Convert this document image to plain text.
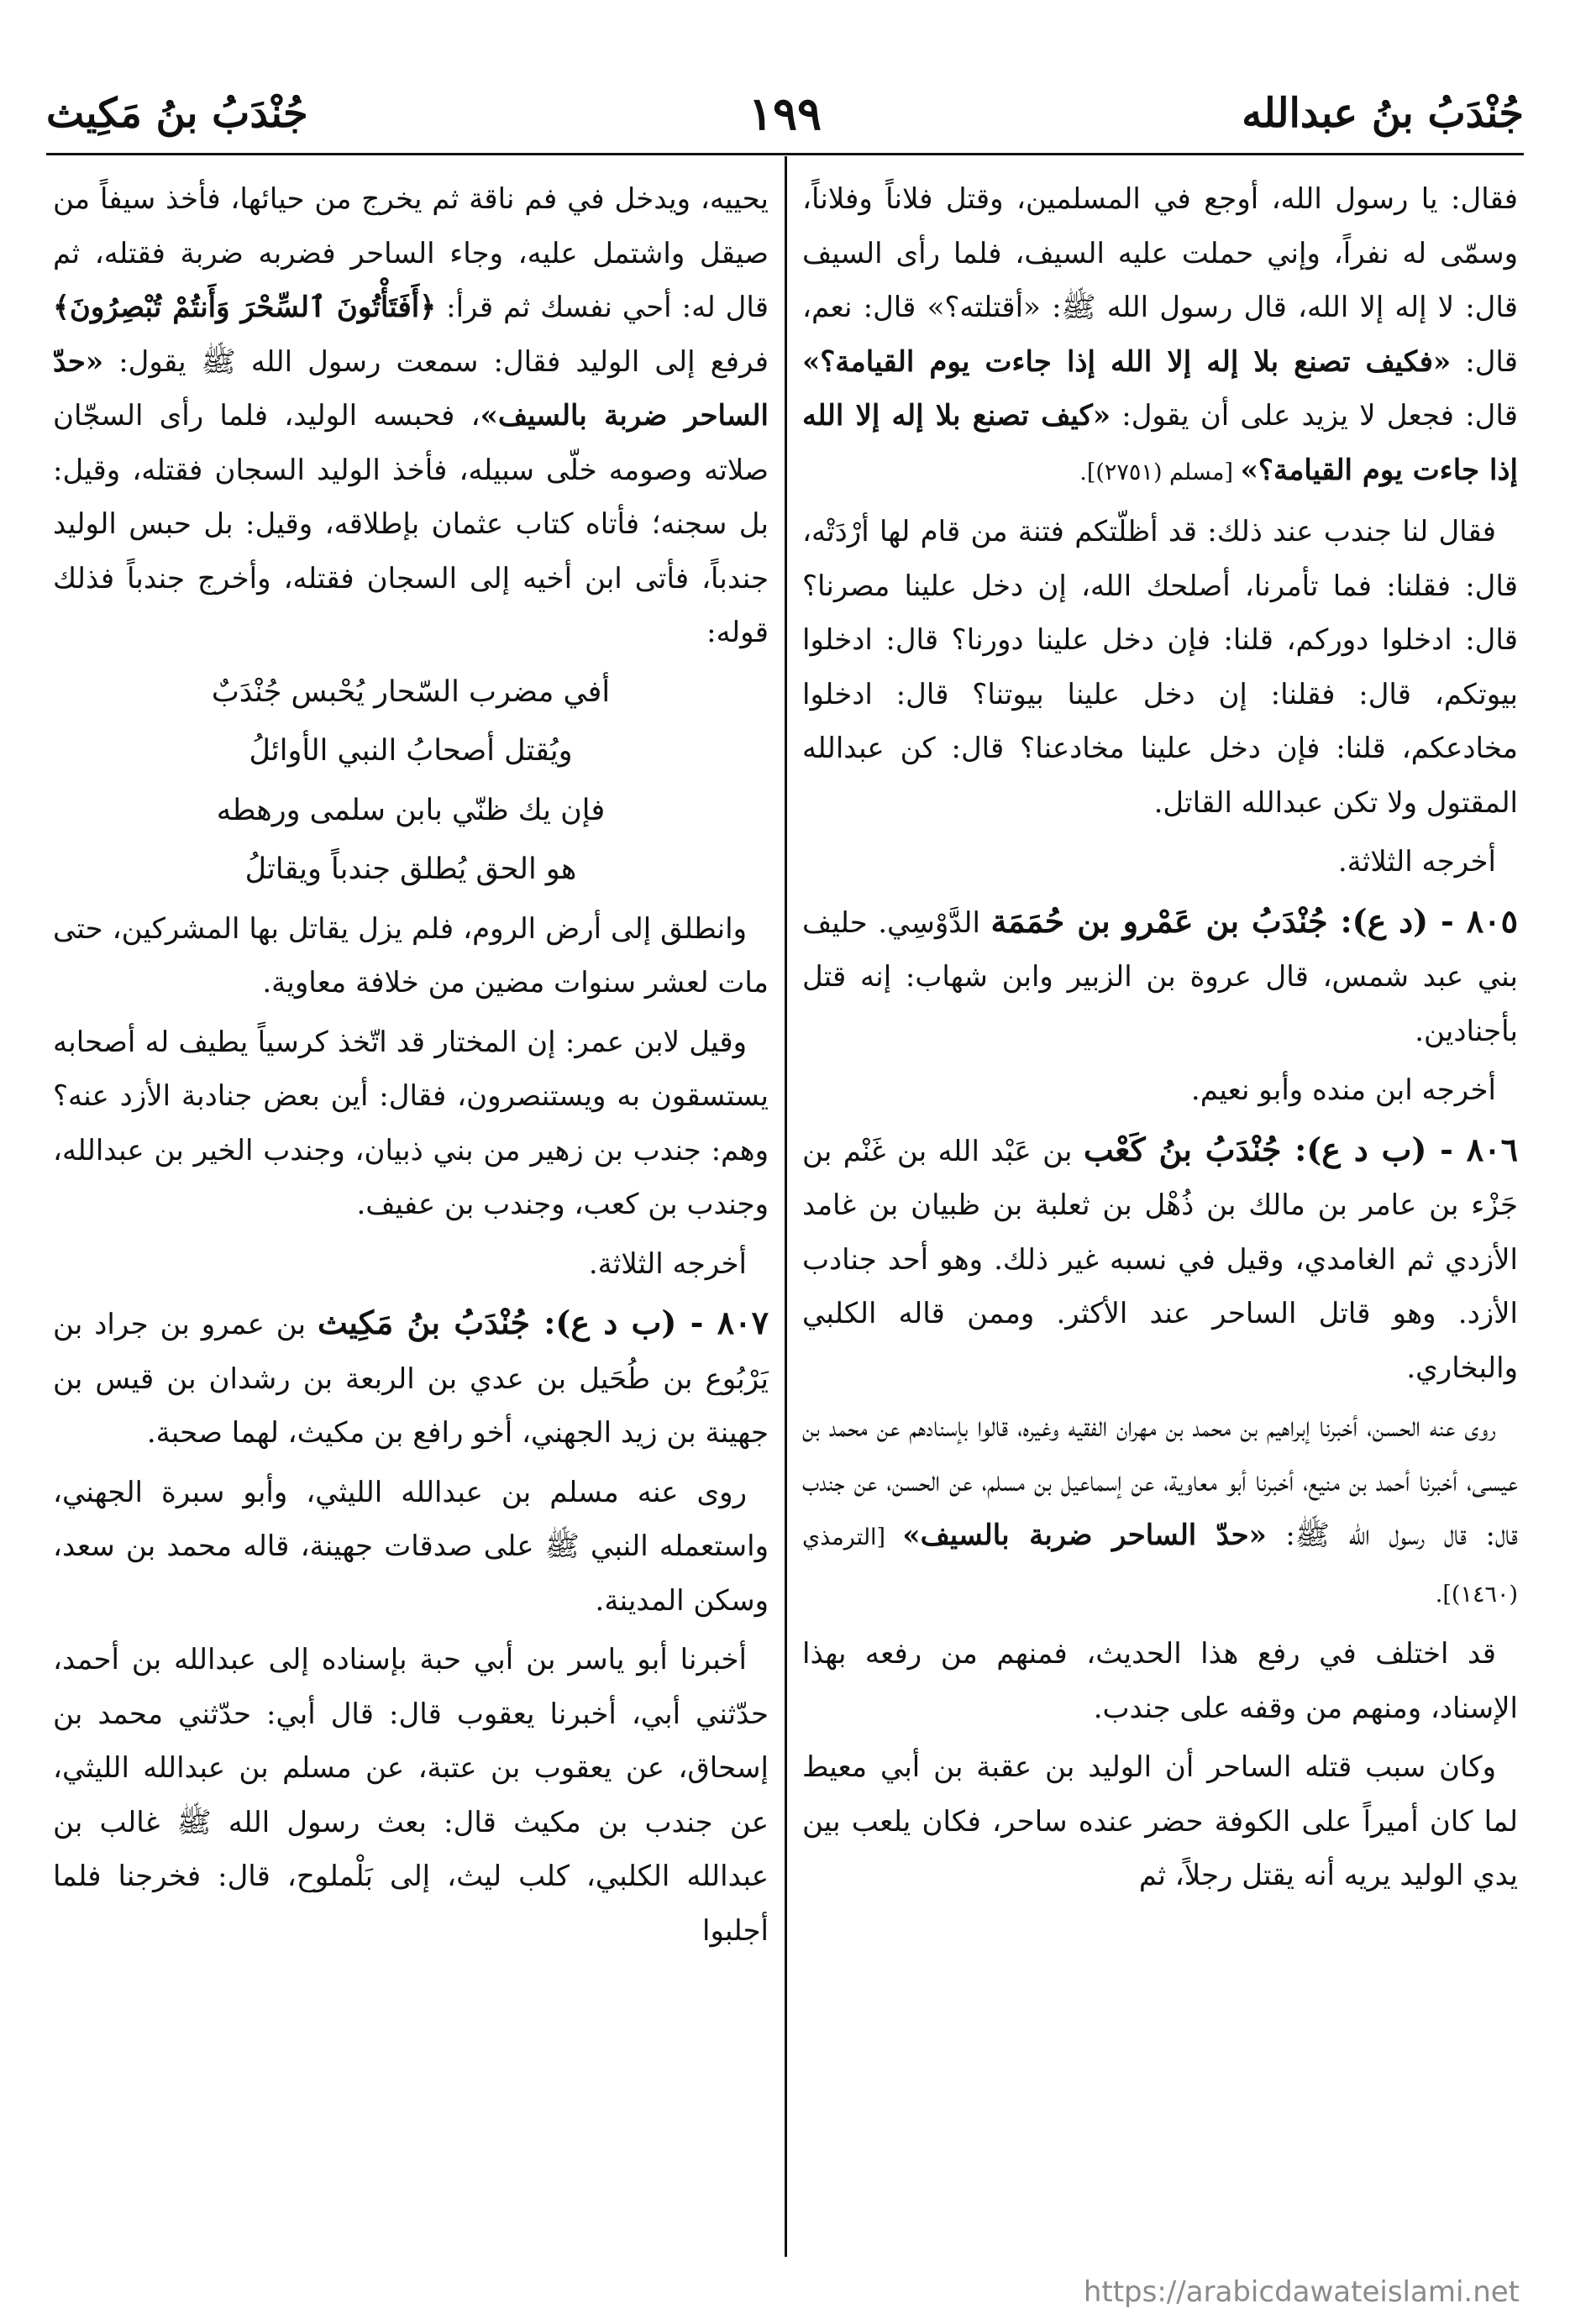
جُنْدَبُ بنُ عبدالله
١٩٩
جُنْدَبُ بنُ مَكِيث

فقال: يا رسول الله، أوجع في المسلمين، وقتل فلاناً وفلاناً، وسمّى له نفراً، وإني حملت عليه السيف، فلما رأى السيف قال: لا إله إلا الله، قال رسول الله ﷺ: «أقتلته؟» قال: نعم، قال: «فكيف تصنع بلا إله إلا الله إذا جاءت يوم القيامة؟» قال: فجعل لا يزيد على أن يقول: «كيف تصنع بلا إله إلا الله إذا جاءت يوم القيامة؟» [مسلم (٢٧٥١)].

فقال لنا جندب عند ذلك: قد أظلّتكم فتنة من قام لها أرْدَتْه، قال: فقلنا: فما تأمرنا، أصلحك الله، إن دخل علينا مصرنا؟ قال: ادخلوا دوركم، قلنا: فإن دخل علينا دورنا؟ قال: ادخلوا بيوتكم، قال: فقلنا: إن دخل علينا بيوتنا؟ قال: ادخلوا مخادعكم، قلنا: فإن دخل علينا مخادعنا؟ قال: كن عبدالله المقتول ولا تكن عبدالله القاتل.

أخرجه الثلاثة.

٨٠٥ - (د ع): جُنْدَبُ بن عَمْرو بن حُمَمَة الدَّوْسِي. حليف بني عبد شمس، قال عروة بن الزبير وابن شهاب: إنه قتل بأجنادين.

أخرجه ابن منده وأبو نعيم.

٨٠٦ - (ب د ع): جُنْدَبُ بنُ كَعْب بن عَبْد الله بن غَنْم بن جَزْء بن عامر بن مالك بن ذُهْل بن ثعلبة بن ظبيان بن غامد الأزدي ثم الغامدي، وقيل في نسبه غير ذلك. وهو أحد جنادب الأزد. وهو قاتل الساحر عند الأكثر. وممن قاله الكلبي والبخاري.

روى عنه الحسن، أخبرنا إبراهيم بن محمد بن مهران الفقيه وغيره، قالوا بإسنادهم عن محمد بن عيسى، أخبرنا أحمد بن منيع، أخبرنا أبو معاوية، عن إسماعيل بن مسلم، عن الحسن، عن جندب قال: قال رسول الله ﷺ: «حدّ الساحر ضربة بالسيف» [الترمذي (١٤٦٠)].

قد اختلف في رفع هذا الحديث، فمنهم من رفعه بهذا الإسناد، ومنهم من وقفه على جندب.

وكان سبب قتله الساحر أن الوليد بن عقبة بن أبي معيط لما كان أميراً على الكوفة حضر عنده ساحر، فكان يلعب بين يدي الوليد يريه أنه يقتل رجلاً، ثم

يحييه، ويدخل في فم ناقة ثم يخرج من حيائها، فأخذ سيفاً من صيقل واشتمل عليه، وجاء الساحر فضربه ضربة فقتله، ثم قال له: أحي نفسك ثم قرأ: ﴿أَفَتَأْتُونَ ٱلسِّحْرَ وَأَنتُمْ تُبْصِرُونَ﴾ فرفع إلى الوليد فقال: سمعت رسول الله ﷺ يقول: «حدّ الساحر ضربة بالسيف»، فحبسه الوليد، فلما رأى السجّان صلاته وصومه خلّى سبيله، فأخذ الوليد السجان فقتله، وقيل: بل سجنه؛ فأتاه كتاب عثمان بإطلاقه، وقيل: بل حبس الوليد جندباً، فأتى ابن أخيه إلى السجان فقتله، وأخرج جندباً فذلك قوله:

أفي مضرب السّحار يُحْبس جُنْدَبٌ

ويُقتل أصحابُ النبي الأوائلُ

فإن يك ظنّي بابن سلمى ورهطه

هو الحق يُطلق جندباً ويقاتلُ

وانطلق إلى أرض الروم، فلم يزل يقاتل بها المشركين، حتى مات لعشر سنوات مضين من خلافة معاوية.

وقيل لابن عمر: إن المختار قد اتّخذ كرسياً يطيف له أصحابه يستسقون به ويستنصرون، فقال: أين بعض جنادبة الأزد عنه؟ وهم: جندب بن زهير من بني ذبيان، وجندب الخير بن عبدالله، وجندب بن كعب، وجندب بن عفيف.

أخرجه الثلاثة.

٨٠٧ - (ب د ع): جُنْدَبُ بنُ مَكِيث بن عمرو بن جراد بن يَرْبُوع بن طُحَيل بن عدي بن الربعة بن رشدان بن قيس بن جهينة بن زيد الجهني، أخو رافع بن مكيث، لهما صحبة.

روى عنه مسلم بن عبدالله الليثي، وأبو سبرة الجهني، واستعمله النبي ﷺ على صدقات جهينة، قاله محمد بن سعد، وسكن المدينة.

أخبرنا أبو ياسر بن أبي حبة بإسناده إلى عبدالله بن أحمد، حدّثني أبي، أخبرنا يعقوب قال: قال أبي: حدّثني محمد بن إسحاق، عن يعقوب بن عتبة، عن مسلم بن عبدالله الليثي، عن جندب بن مكيث قال: بعث رسول الله ﷺ غالب بن عبدالله الكلبي، كلب ليث، إلى بَلْملوح، قال: فخرجنا فلما أجلبوا

https://arabicdawateislami.net
